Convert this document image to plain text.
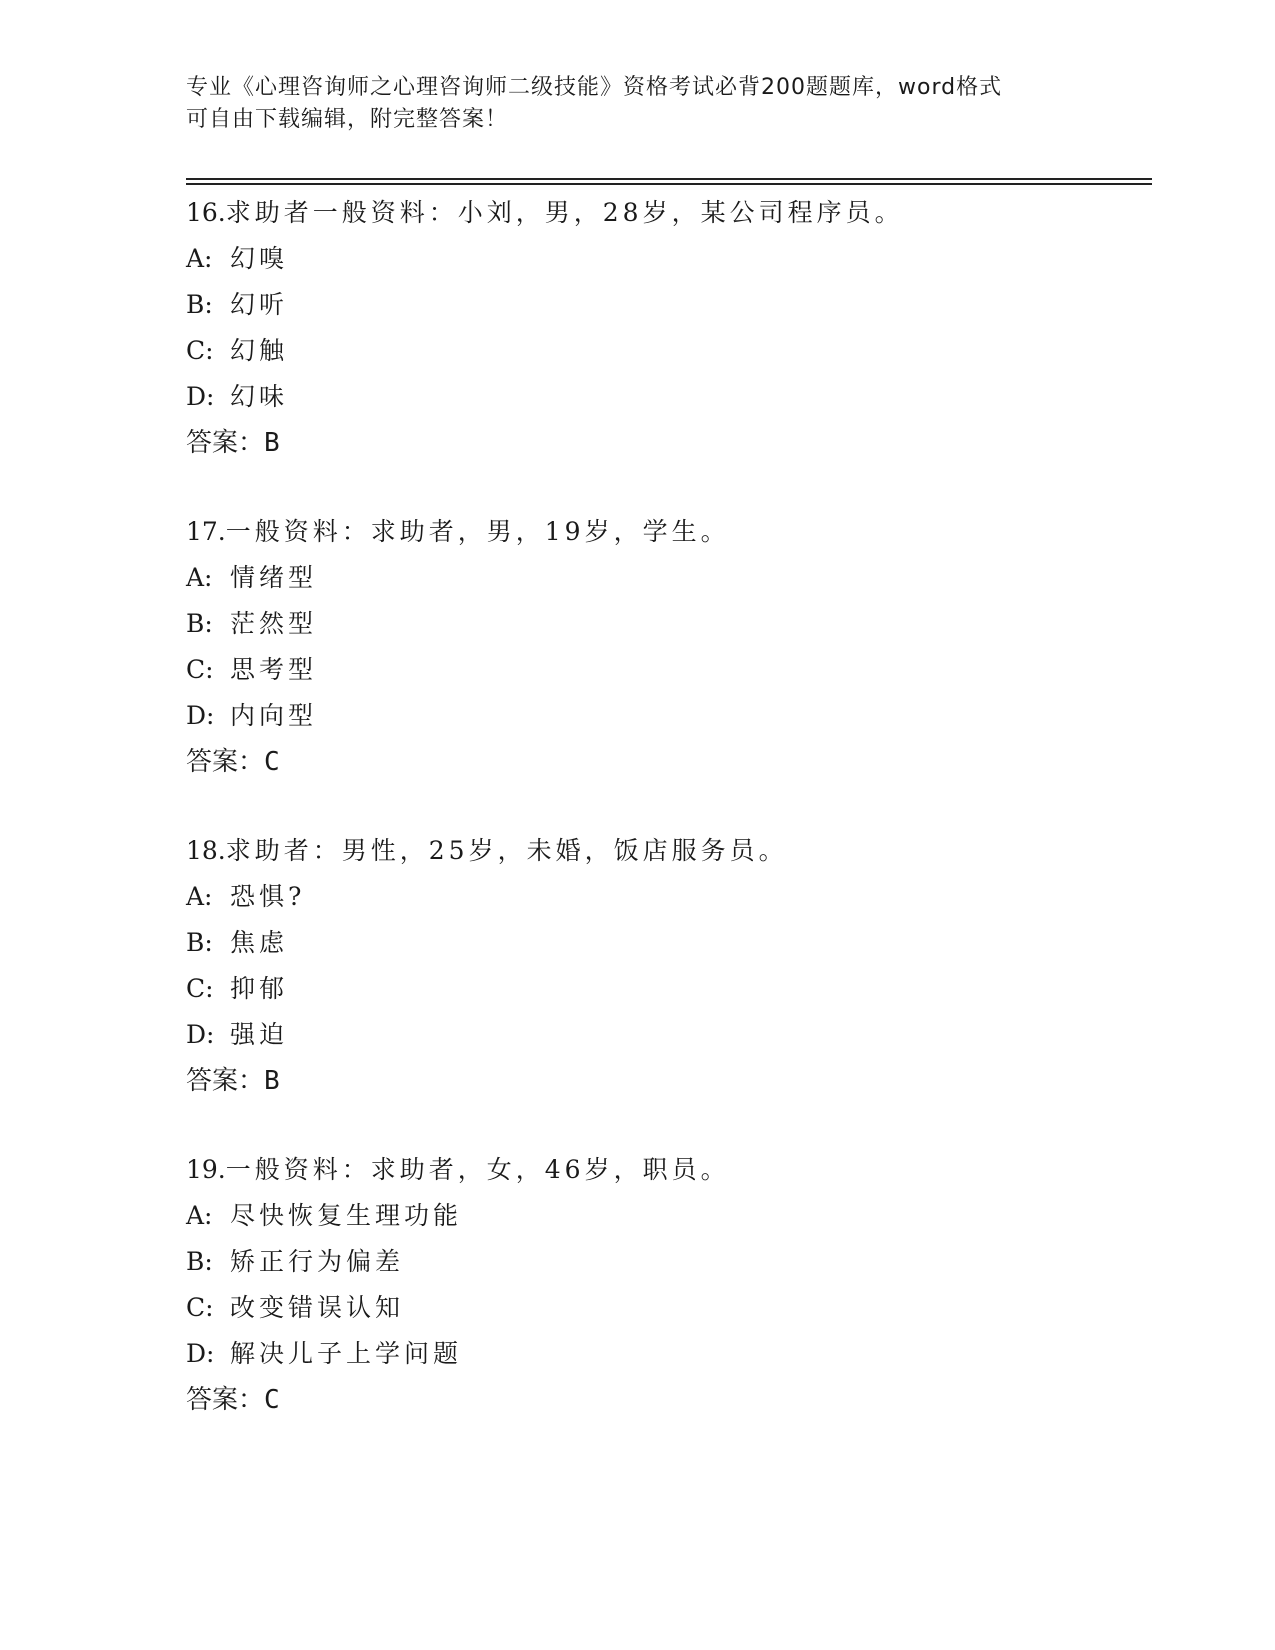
专业《心理咨询师之心理咨询师二级技能》资格考试必背200题题库，word格式
可自由下载编辑，附完整答案！
16.求助者一般资料：小刘，男，28岁，某公司程序员。
A: 幻嗅
B: 幻听
C: 幻触
D: 幻味
答案：B
17.一般资料：求助者，男，19岁，学生。
A: 情绪型
B: 茫然型
C: 思考型
D: 内向型
答案：C
18.求助者：男性，25岁，未婚，饭店服务员。
A: 恐惧?
B: 焦虑
C: 抑郁
D: 强迫
答案：B
19.一般资料：求助者，女，46岁，职员。
A: 尽快恢复生理功能
B: 矫正行为偏差
C: 改变错误认知
D: 解决儿子上学问题
答案：C
